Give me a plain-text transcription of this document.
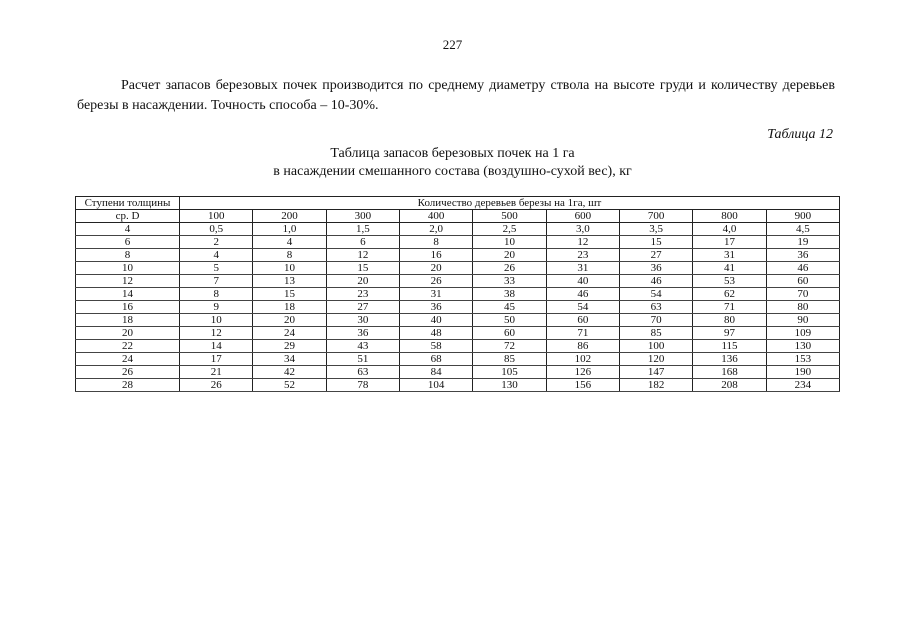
227

Расчет запасов березовых почек производится по среднему диаметру ствола на высоте груди и количеству деревьев березы в насаждении. Точность способа – 10-30%.

Таблица 12
Таблица запасов березовых почек на 1 га
в насаждении смешанного состава (воздушно-сухой вес), кг
Ступени толщины	Количество деревьев березы на 1га, шт								
ср. D	100	200	300	400	500	600	700	800	900
4	0,5	1,0	1,5	2,0	2,5	3,0	3,5	4,0	4,5
6	2	4	6	8	10	12	15	17	19
8	4	8	12	16	20	23	27	31	36
10	5	10	15	20	26	31	36	41	46
12	7	13	20	26	33	40	46	53	60
14	8	15	23	31	38	46	54	62	70
16	9	18	27	36	45	54	63	71	80
18	10	20	30	40	50	60	70	80	90
20	12	24	36	48	60	71	85	97	109
22	14	29	43	58	72	86	100	115	130
24	17	34	51	68	85	102	120	136	153
26	21	42	63	84	105	126	147	168	190
28	26	52	78	104	130	156	182	208	234
